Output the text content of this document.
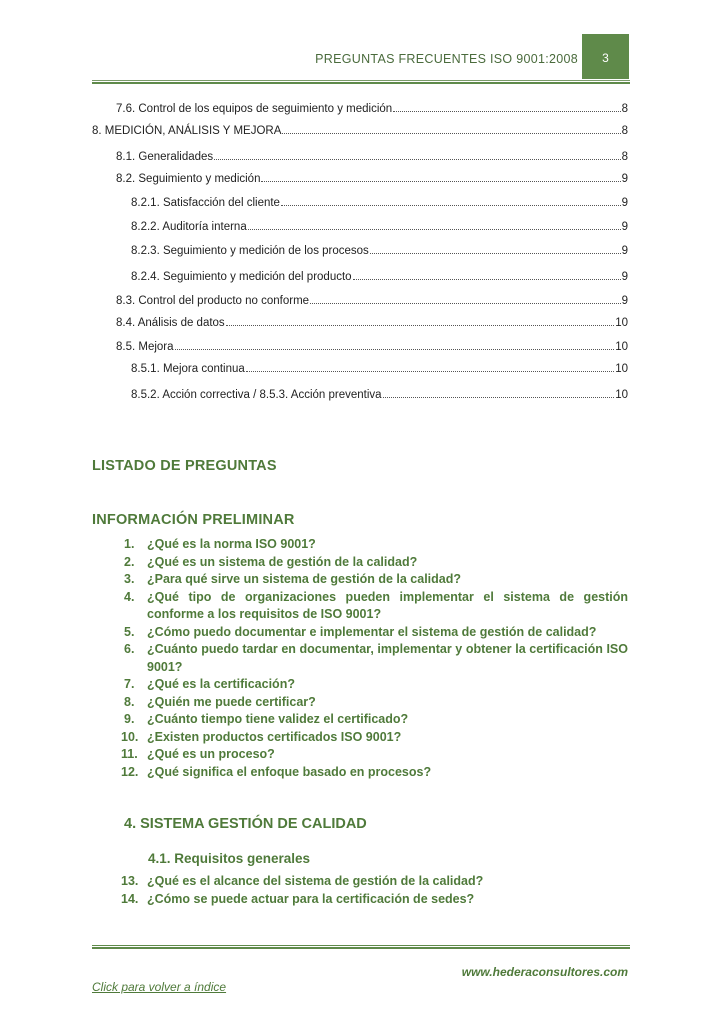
PREGUNTAS FRECUENTES ISO 9001:2008	3
7.6. Control de los equipos de seguimiento y medición	8
8. MEDICIÓN, ANÁLISIS Y MEJORA	8
8.1. Generalidades	8
8.2. Seguimiento y medición	9
8.2.1. Satisfacción del cliente	9
8.2.2. Auditoría interna	9
8.2.3. Seguimiento y medición de los procesos	9
8.2.4. Seguimiento y medición del producto	9
8.3. Control del producto no conforme	9
8.4. Análisis de datos	10
8.5. Mejora	10
8.5.1. Mejora continua	10
8.5.2. Acción correctiva / 8.5.3. Acción preventiva	10
LISTADO DE PREGUNTAS
INFORMACIÓN PRELIMINAR
1.	¿Qué es la norma ISO 9001?
2.	¿Qué es un sistema de gestión de la calidad?
3.	¿Para qué sirve un sistema de gestión de la calidad?
4.	¿Qué tipo de organizaciones pueden implementar el sistema de gestión conforme a los requisitos de ISO 9001?
5.	¿Cómo puedo documentar e implementar el sistema de gestión de calidad?
6.	¿Cuánto puedo tardar en documentar, implementar y obtener la certificación ISO 9001?
7.	¿Qué es la certificación?
8.	¿Quién me puede certificar?
9.	¿Cuánto tiempo tiene validez el certificado?
10. ¿Existen productos certificados ISO 9001?
11. ¿Qué es un proceso?
12. ¿Qué significa el enfoque basado en procesos?
4. SISTEMA GESTIÓN DE CALIDAD
4.1. Requisitos generales
13. ¿Qué es el alcance del sistema de gestión de la calidad?
14. ¿Cómo se puede actuar para la certificación de sedes?
www.hederaconsultores.com
Click para volver a índice
